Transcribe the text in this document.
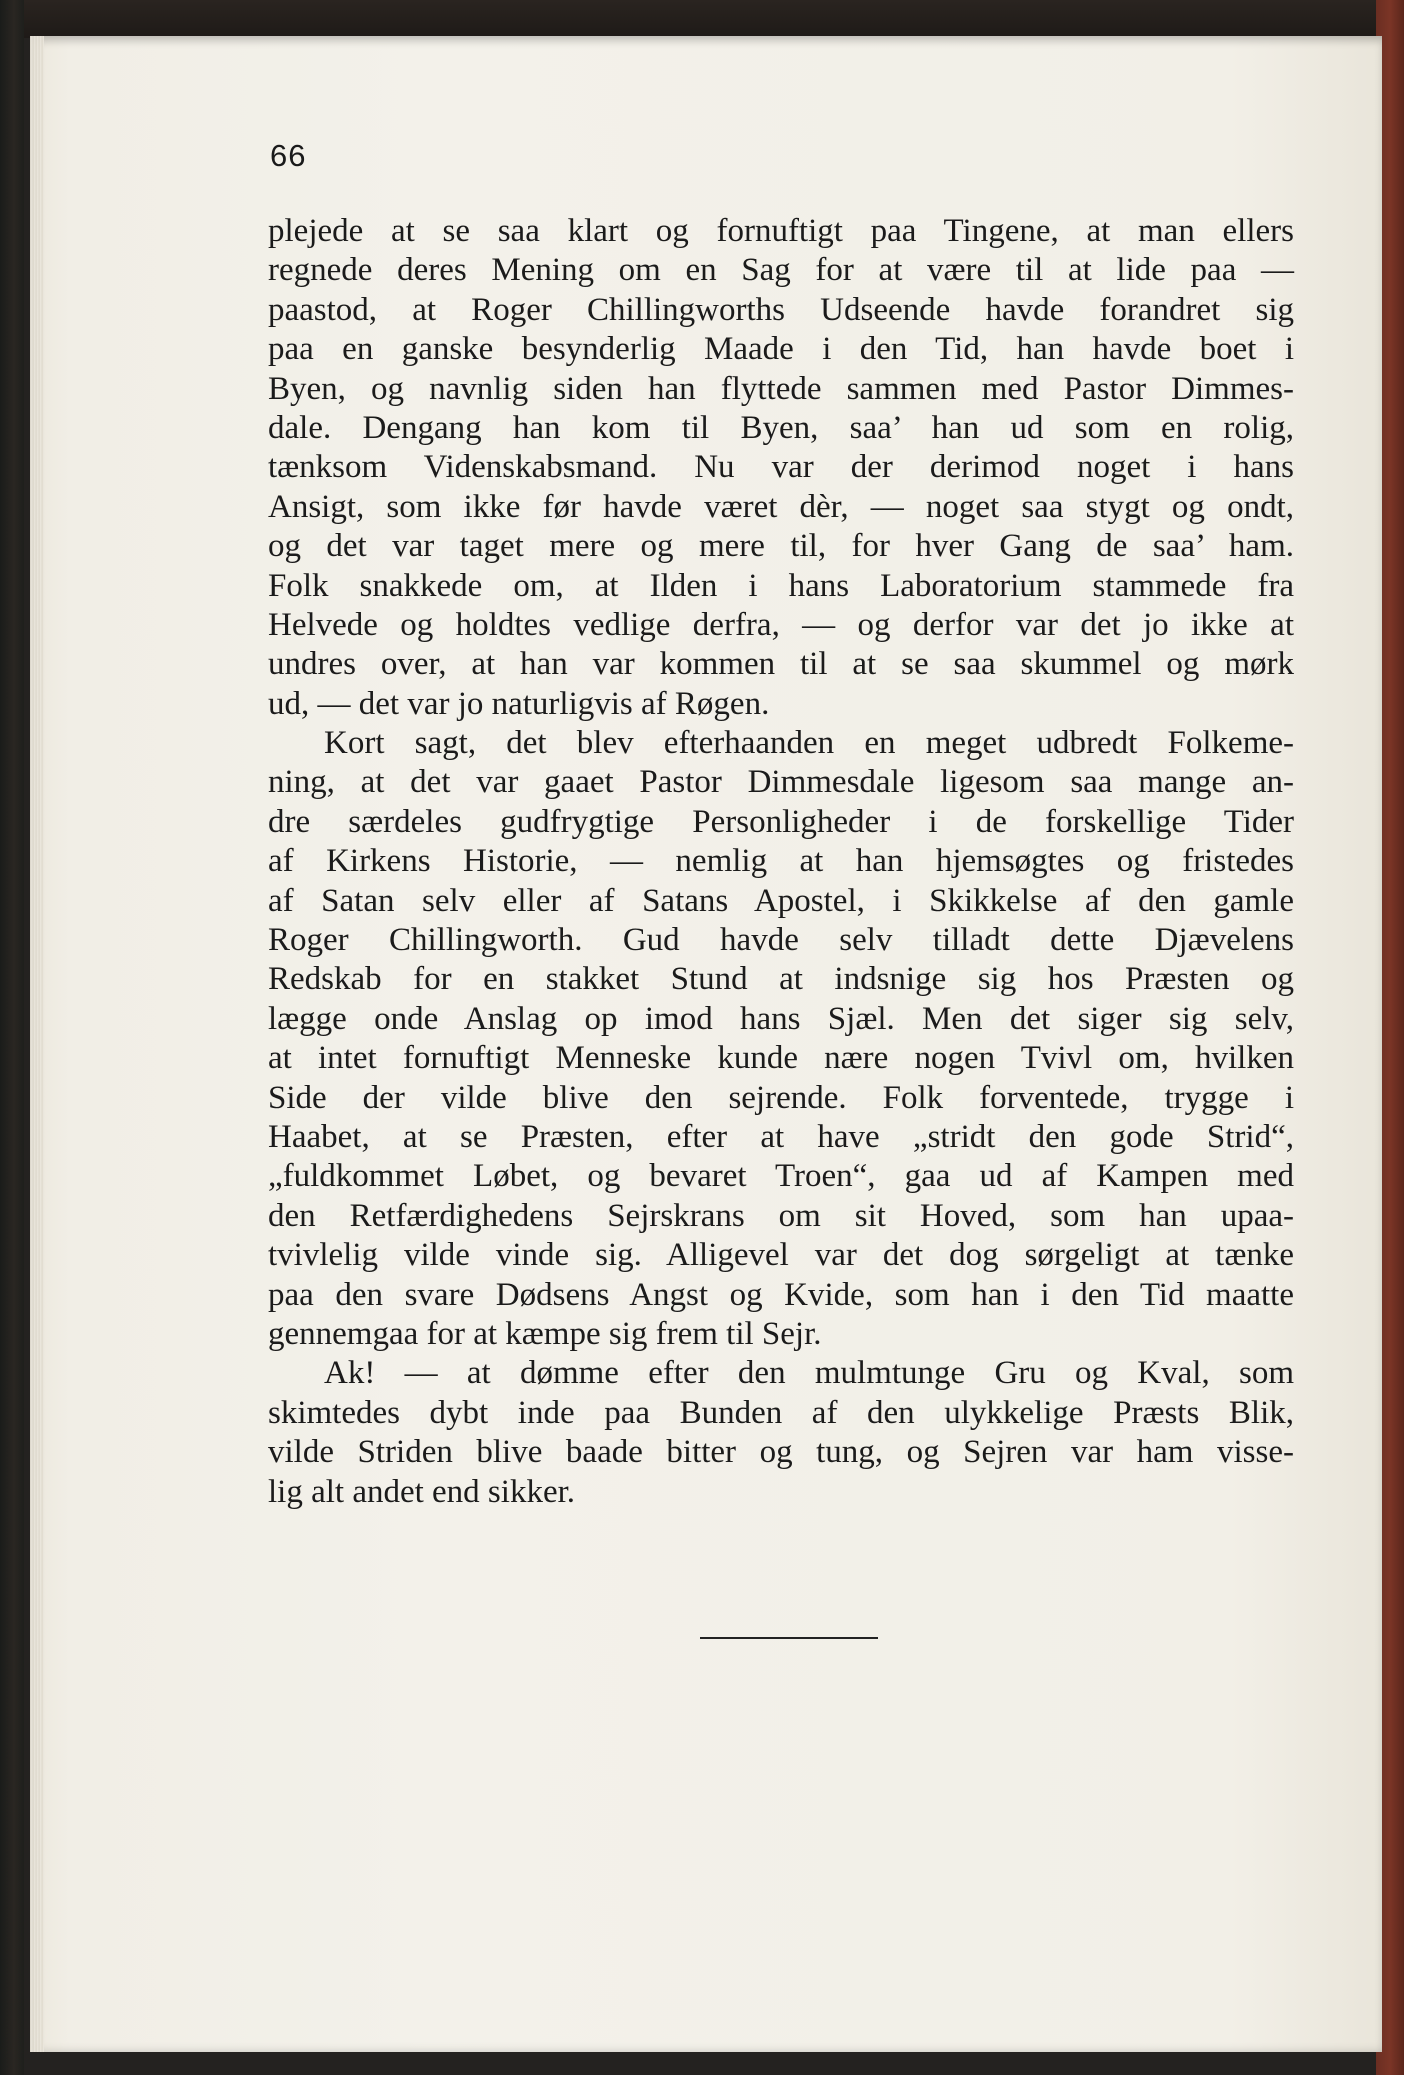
66
plejede at se saa klart og fornuftigt paa Tingene, at man ellers
regnede deres Mening om en Sag for at være til at lide paa —
paastod, at Roger Chillingworths Udseende havde forandret sig
paa en ganske besynderlig Maade i den Tid, han havde boet i
Byen, og navnlig siden han flyttede sammen med Pastor Dimmes-
dale. Dengang han kom til Byen, saa’ han ud som en rolig,
tænksom Videnskabsmand. Nu var der derimod noget i hans
Ansigt, som ikke før havde været dèr, — noget saa stygt og ondt,
og det var taget mere og mere til, for hver Gang de saa’ ham.
Folk snakkede om, at Ilden i hans Laboratorium stammede fra
Helvede og holdtes vedlige derfra, — og derfor var det jo ikke at
undres over, at han var kommen til at se saa skummel og mørk
ud, — det var jo naturligvis af Røgen.
Kort sagt, det blev efterhaanden en meget udbredt Folkeme-
ning, at det var gaaet Pastor Dimmesdale ligesom saa mange an-
dre særdeles gudfrygtige Personligheder i de forskellige Tider
af Kirkens Historie, — nemlig at han hjemsøgtes og fristedes
af Satan selv eller af Satans Apostel, i Skikkelse af den gamle
Roger Chillingworth. Gud havde selv tilladt dette Djævelens
Redskab for en stakket Stund at indsnige sig hos Præsten og
lægge onde Anslag op imod hans Sjæl. Men det siger sig selv,
at intet fornuftigt Menneske kunde nære nogen Tvivl om, hvilken
Side der vilde blive den sejrende. Folk forventede, trygge i
Haabet, at se Præsten, efter at have „stridt den gode Strid“,
„fuldkommet Løbet, og bevaret Troen“, gaa ud af Kampen med
den Retfærdighedens Sejrskrans om sit Hoved, som han upaa-
tvivlelig vilde vinde sig. Alligevel var det dog sørgeligt at tænke
paa den svare Dødsens Angst og Kvide, som han i den Tid maatte
gennemgaa for at kæmpe sig frem til Sejr.
Ak! — at dømme efter den mulmtunge Gru og Kval, som
skimtedes dybt inde paa Bunden af den ulykkelige Præsts Blik,
vilde Striden blive baade bitter og tung, og Sejren var ham visse-
lig alt andet end sikker.
